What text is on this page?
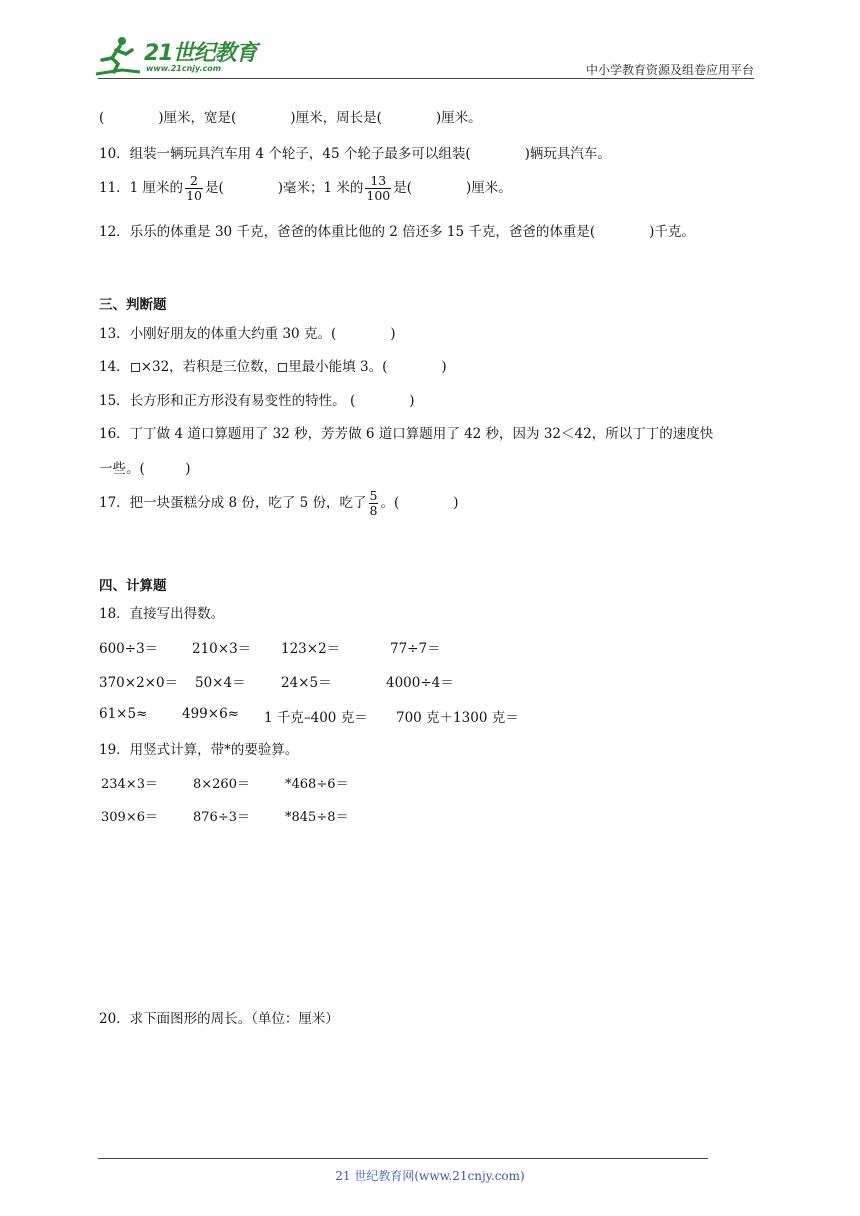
21世纪教育
www.21cnjy.com	中小学教育资源及组卷应用平台
(　　　　)厘米，宽是(　　　　)厘米，周长是(　　　　)厘米。
10．组装一辆玩具汽车用 4 个轮子，45 个轮子最多可以组装(　　　　)辆玩具汽车。
11．1 厘米的 $\frac{2}{10}$ 是(　　　　)毫米；1 米的 $\frac{13}{100}$ 是(　　　　)厘米。
12．乐乐的体重是 30 千克，爸爸的体重比他的 2 倍还多 15 千克，爸爸的体重是(　　　　)千克。
三、判断题
13．小刚好朋友的体重大约重 30 克。(　　　　)
14． ×32，若积是三位数， 里最小能填 3。(　　　　)
15．长方形和正方形没有易变性的特性。 (　　　　)
16．丁丁做 4 道口算题用了 32 秒，芳芳做 6 道口算题用了 42 秒，因为 32＜42，所以丁丁的速度快
一些。(　　　)
17．把一块蛋糕分成 8 份，吃了 5 份，吃了 $\frac{5}{8}$ 。(　　　　)
四、计算题
18．直接写出得数。
600÷3＝	210×3＝ 123×2＝	77÷7＝
370×2×0＝ 50×4＝	24×5＝	4000÷4＝
61×5≈	499×6≈ 1 千克–400 克＝ 700 克＋1300 克＝
19．用竖式计算，带*的要验算。
234×3＝	8×260＝	*468÷6＝
309×6＝	876÷3＝	*845÷8＝
20．求下面图形的周长。（单位：厘米）
21 世纪教育网(www.21cnjy.com)
